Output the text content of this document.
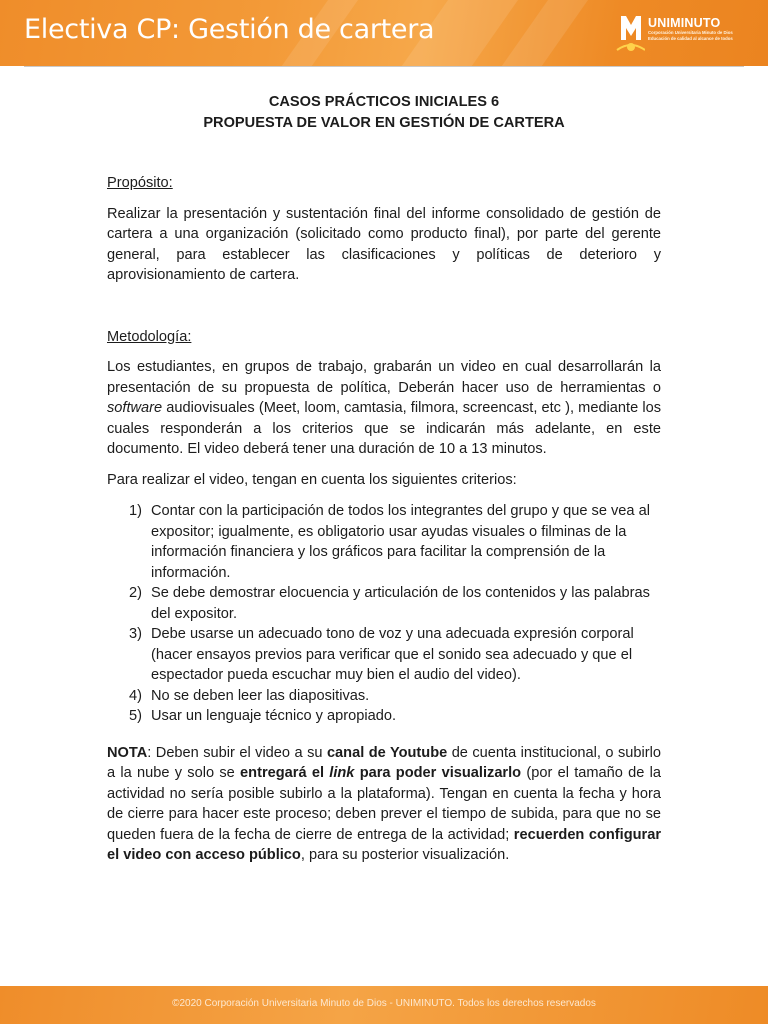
Electiva CP: Gestión de cartera	UNIMINUTO
Corporación Universitaria Minuto de Dios
Educación de calidad al alcance de todos

CASOS PRÁCTICOS INICIALES 6

PROPUESTA DE VALOR EN GESTIÓN DE CARTERA

Propósito:

Realizar la presentación y sustentación final del informe consolidado de gestión de cartera a una organización (solicitado como producto final), por parte del gerente general, para establecer las clasificaciones y políticas de deterioro y aprovisionamiento de cartera.

Metodología:

Los estudiantes, en grupos de trabajo, grabarán un video en cual desarrollarán la presentación de su propuesta de política, Deberán hacer uso de herramientas o software audiovisuales (Meet, loom, camtasia, filmora, screencast, etc ), mediante los cuales responderán a los criterios que se indicarán más adelante, en este documento. El video deberá tener una duración de 10 a 13 minutos.

Para realizar el video, tengan en cuenta los siguientes criterios:

1) Contar con la participación de todos los integrantes del grupo y que se vea al expositor; igualmente, es obligatorio usar ayudas visuales o filminas de la información financiera y los gráficos para facilitar la comprensión de la información.
2) Se debe demostrar elocuencia y articulación de los contenidos y las palabras del expositor.
3) Debe usarse un adecuado tono de voz y una adecuada expresión corporal (hacer ensayos previos para verificar que el sonido sea adecuado y que el espectador pueda escuchar muy bien el audio del video).
4) No se deben leer las diapositivas.
5) Usar un lenguaje técnico y apropiado.

NOTA: Deben subir el video a su canal de Youtube de cuenta institucional, o subirlo a la nube y solo se entregará el link para poder visualizarlo (por el tamaño de la actividad no sería posible subirlo a la plataforma). Tengan en cuenta la fecha y hora de cierre para hacer este proceso; deben prever el tiempo de subida, para que no se queden fuera de la fecha de cierre de entrega de la actividad; recuerden configurar el video con acceso público, para su posterior visualización.

©2020 Corporación Universitaria Minuto de Dios - UNIMINUTO. Todos los derechos reservados
